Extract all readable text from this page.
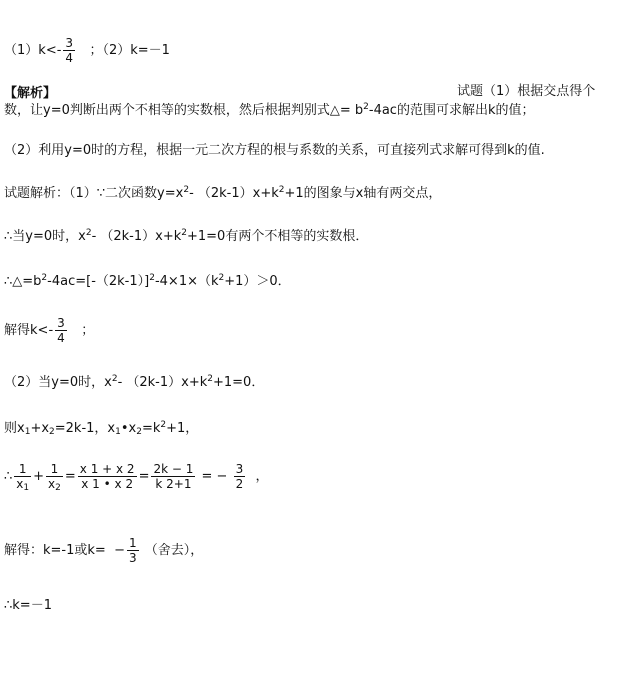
$(1)k<- \frac{3}{4}$ ；（2）k=－1
【解析】	试题（1）根据交点得个
数，让y=0判断出两个不相等的实数根，然后根据判别式△= $b^2-4ac$的范围可求解出k的值；
（2）利用y=0时的方程，根据一元二次方程的根与系数的关系，可直接列式求解可得到k的值.
试题解析：（1）∵二次函数$y=x^2-$ $(2k-1)x+k^2+1$的图象与x轴有两交点，
∴当y=0时，$x^2-$ $(2k-1)x+k^2+1=0$有两个不相等的实数根．
$\therefore\triangle=b^2-4ac=[-(2k-1)]^2-4\times 1\times(k^2+1)>0$．
解得$k<- \frac{3}{4}$ ；
（2）当y=0时，$x^2-$ $(2k-1)x+k^2+1=0$．
则$x_1+x_2=2k-1$，$x_1•x_2=k^2+1$，
∴ $\frac{1}{x_1} + \frac{1}{x_2} = \frac{x 1 + x 2}{x 1 • x 2} = \frac{2k - 1}{k 2+1}$ = − $\frac{3}{2}$ ，
解得：k=-1或$k= - \frac{1}{3}$ （舍去），
∴k=－1
